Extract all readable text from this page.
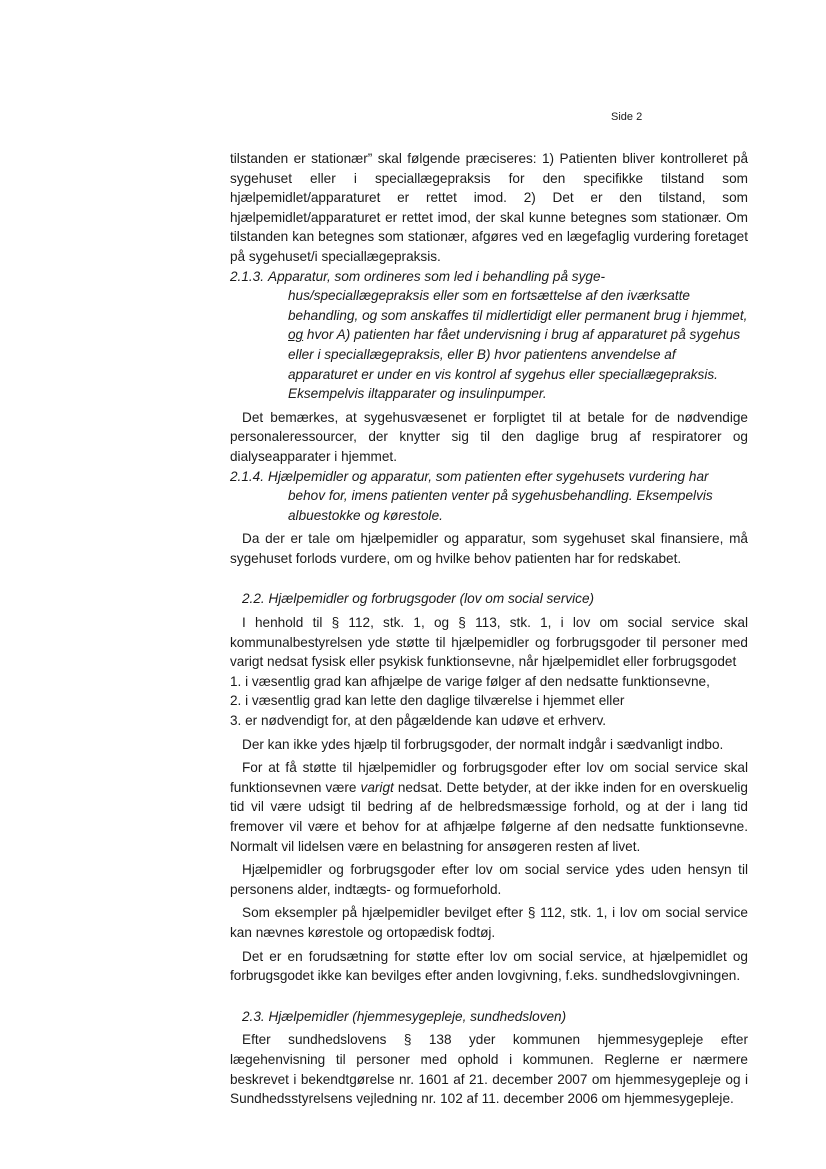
Side 2

tilstanden er stationær” skal følgende præciseres: 1) Patienten bliver kontrolleret på sygehuset eller i speciallægepraksis for den specifikke tilstand som hjælpemidlet/apparaturet er rettet imod. 2) Det er den tilstand, som hjælpemidlet/apparaturet er rettet imod, der skal kunne betegnes som stationær. Om tilstanden kan betegnes som stationær, afgøres ved en lægefaglig vurdering foretaget på sygehuset/i speciallægepraksis.

2.1.3. Apparatur, som ordineres som led i behandling på syge-
hus/speciallægepraksis eller som en fortsættelse af den iværksatte behandling, og som anskaffes til midlertidigt eller permanent brug i hjemmet, og hvor A) patienten har fået undervisning i brug af apparaturet på sygehus eller i speciallægepraksis, eller B) hvor patientens anvendelse af apparaturet er under en vis kontrol af sygehus eller speciallægepraksis. Eksempelvis iltapparater og insulinpumper.

Det bemærkes, at sygehusvæsenet er forpligtet til at betale for de nødvendige personaleressourcer, der knytter sig til den daglige brug af respiratorer og dialyseapparater i hjemmet.

2.1.4. Hjælpemidler og apparatur, som patienten efter sygehusets vurdering har
behov for, imens patienten venter på sygehusbehandling. Eksempelvis albuestokke og kørestole.

Da der er tale om hjælpemidler og apparatur, som sygehuset skal finansiere, må sygehuset forlods vurdere, om og hvilke behov patienten har for redskabet.

2.2. Hjælpemidler og forbrugsgoder (lov om social service)

I henhold til § 112, stk. 1, og § 113, stk. 1, i lov om social service skal kommunalbestyrelsen yde støtte til hjælpemidler og forbrugsgoder til personer med varigt nedsat fysisk eller psykisk funktionsevne, når hjælpemidlet eller forbrugsgodet

1. i væsentlig grad kan afhjælpe de varige følger af den nedsatte funktionsevne,

2. i væsentlig grad kan lette den daglige tilværelse i hjemmet eller

3. er nødvendigt for, at den pågældende kan udøve et erhverv.

Der kan ikke ydes hjælp til forbrugsgoder, der normalt indgår i sædvanligt indbo.

For at få støtte til hjælpemidler og forbrugsgoder efter lov om social service skal funktionsevnen være varigt nedsat. Dette betyder, at der ikke inden for en overskuelig tid vil være udsigt til bedring af de helbredsmæssige forhold, og at der i lang tid fremover vil være et behov for at afhjælpe følgerne af den nedsatte funktionsevne. Normalt vil lidelsen være en belastning for ansøgeren resten af livet.

Hjælpemidler og forbrugsgoder efter lov om social service ydes uden hensyn til personens alder, indtægts- og formueforhold.

Som eksempler på hjælpemidler bevilget efter § 112, stk. 1, i lov om social service kan nævnes kørestole og ortopædisk fodtøj.

Det er en forudsætning for støtte efter lov om social service, at hjælpemidlet og forbrugsgodet ikke kan bevilges efter anden lovgivning, f.eks. sundhedslovgivningen.

2.3. Hjælpemidler (hjemmesygepleje, sundhedsloven)

Efter sundhedslovens § 138 yder kommunen hjemmesygepleje efter lægehenvisning til personer med ophold i kommunen. Reglerne er nærmere beskrevet i bekendtgørelse nr. 1601 af 21. december 2007 om hjemmesygepleje og i Sundhedsstyrelsens vejledning nr. 102 af 11. december 2006 om hjemmesygepleje.
